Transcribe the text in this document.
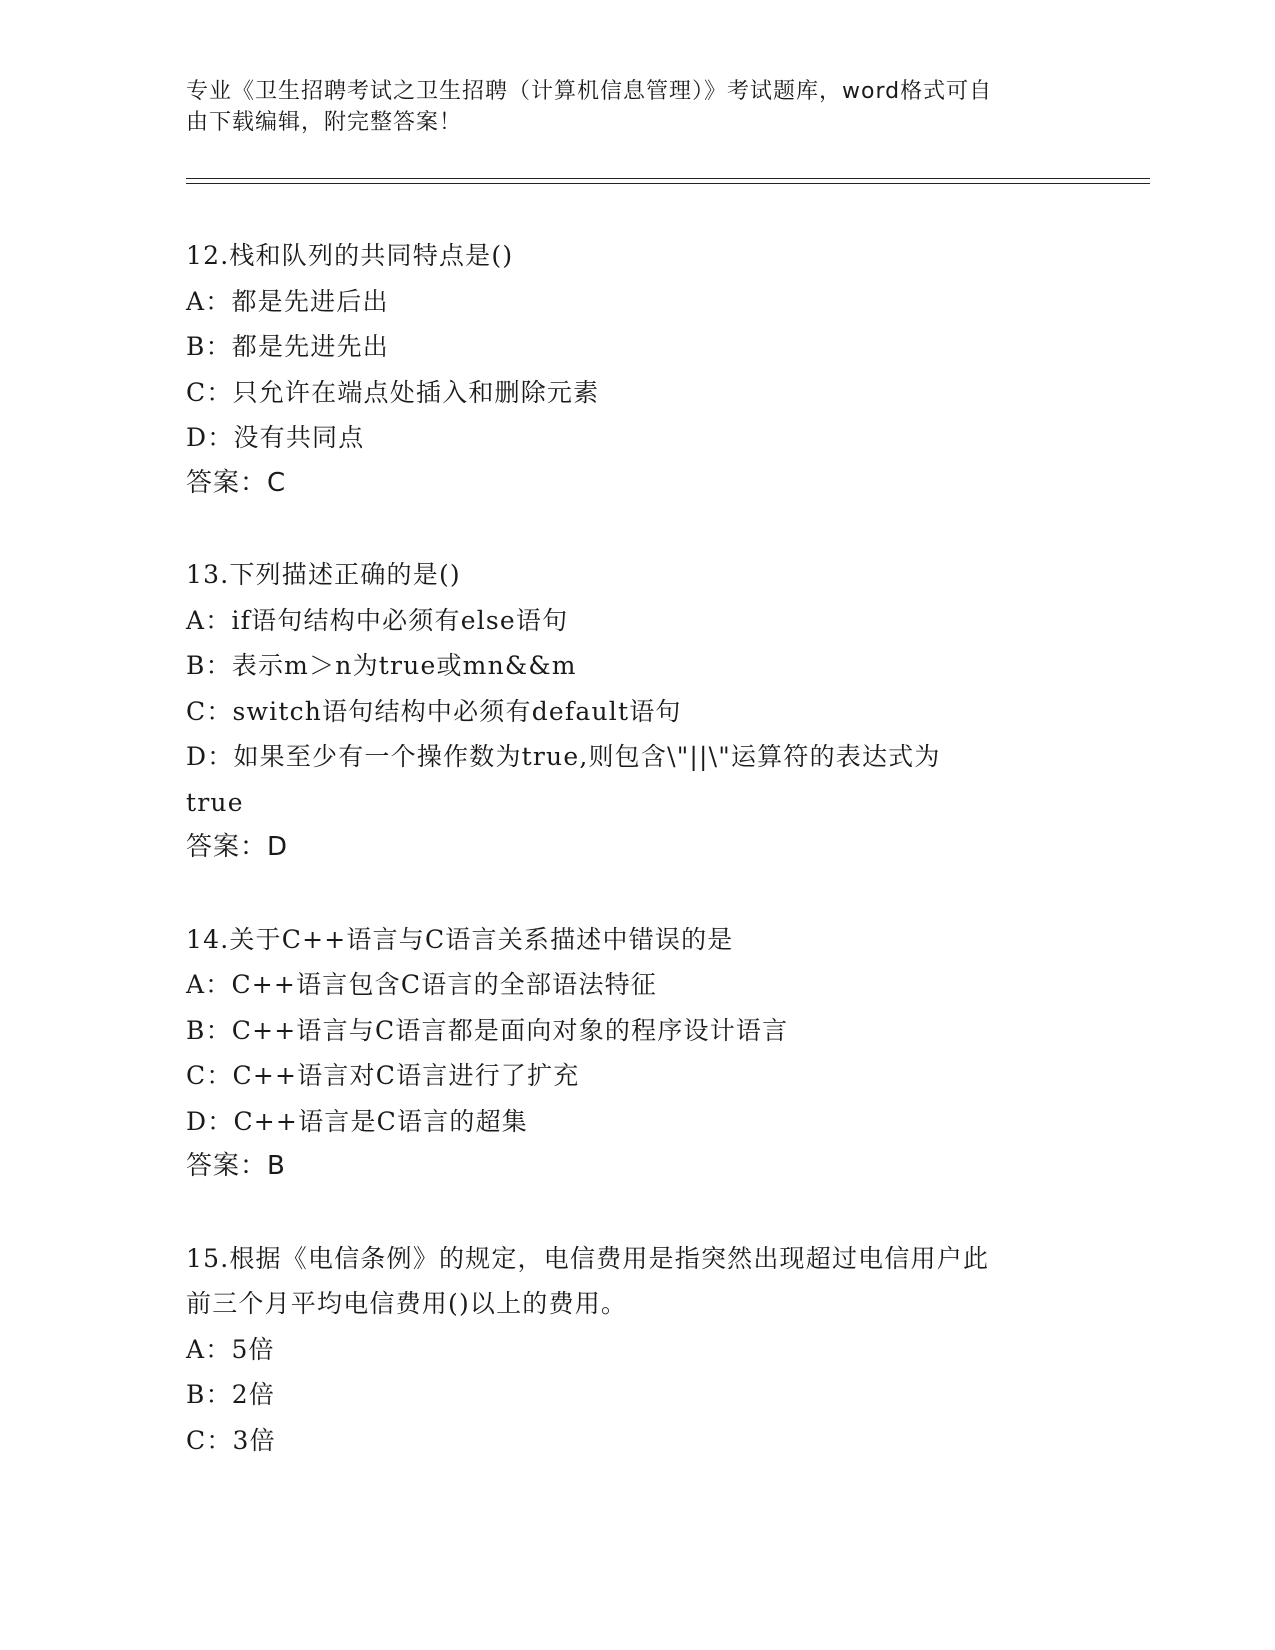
专业《卫生招聘考试之卫生招聘（计算机信息管理）》考试题库，word格式可自
由下载编辑，附完整答案！
12.栈和队列的共同特点是()
A：都是先进后出
B：都是先进先出
C：只允许在端点处插入和删除元素
D：没有共同点
答案：C
13.下列描述正确的是()
A：if语句结构中必须有else语句
B：表示m＞n为true或mn&&m
C：switch语句结构中必须有default语句
D：如果至少有一个操作数为true,则包含\"||\"运算符的表达式为
true
答案：D
14.关于C++语言与C语言关系描述中错误的是
A：C++语言包含C语言的全部语法特征
B：C++语言与C语言都是面向对象的程序设计语言
C：C++语言对C语言进行了扩充
D：C++语言是C语言的超集
答案：B
15.根据《电信条例》的规定，电信费用是指突然出现超过电信用户此
前三个月平均电信费用()以上的费用。
A：5倍
B：2倍
C：3倍
